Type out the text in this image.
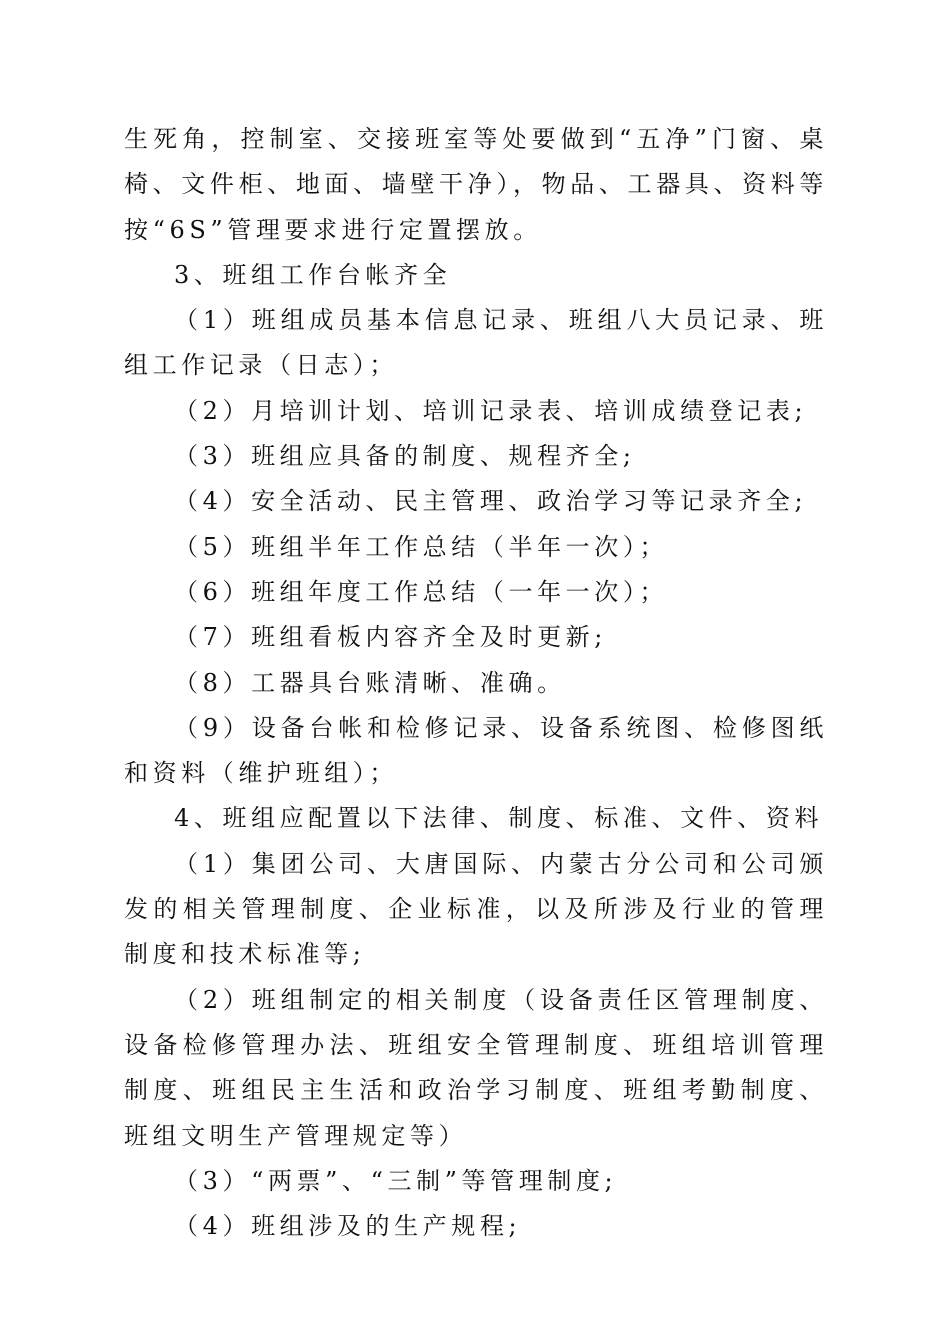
生死角，控制室、交接班室等处要做到“五净”门窗、桌椅、文件柜、地面、墙壁干净），物品、工器具、资料等按“6S”管理要求进行定置摆放。

3、班组工作台帐齐全

（1）班组成员基本信息记录、班组八大员记录、班组工作记录（日志）；

（2）月培训计划、培训记录表、培训成绩登记表;

（3）班组应具备的制度、规程齐全;

（4）安全活动、民主管理、政治学习等记录齐全;

（5）班组半年工作总结（半年一次）；

（6）班组年度工作总结（一年一次）；

（7）班组看板内容齐全及时更新;

（8）工器具台账清晰、准确。

（9）设备台帐和检修记录、设备系统图、检修图纸和资料（维护班组）；

4、班组应配置以下法律、制度、标准、文件、资料

（1）集团公司、大唐国际、内蒙古分公司和公司颁发的相关管理制度、企业标准，以及所涉及行业的管理制度和技术标准等;

（2）班组制定的相关制度（设备责任区管理制度、设备检修管理办法、班组安全管理制度、班组培训管理制度、班组民主生活和政治学习制度、班组考勤制度、班组文明生产管理规定等）

（3）“两票”、“三制”等管理制度;

（4）班组涉及的生产规程;
